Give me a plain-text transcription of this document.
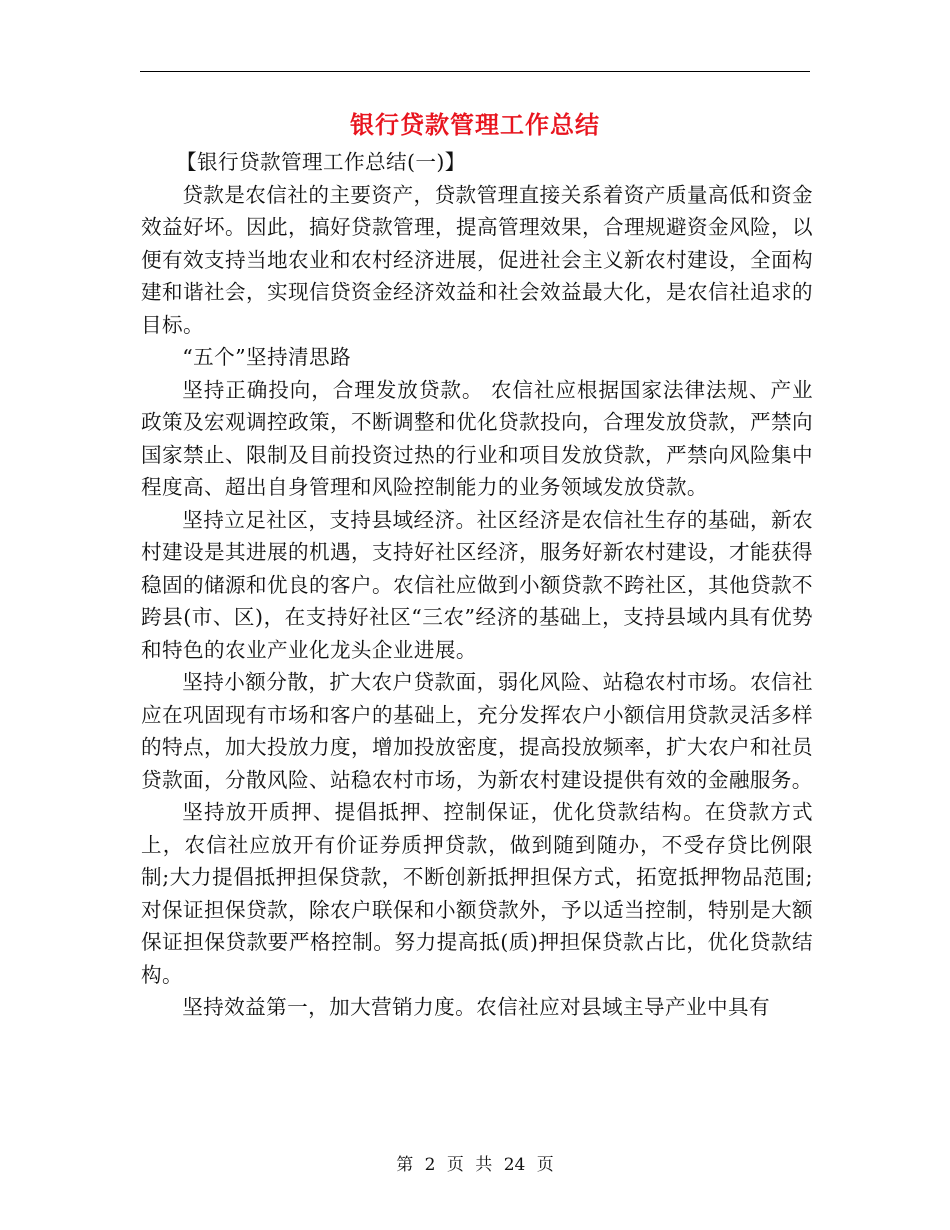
银行贷款管理工作总结

【银行贷款管理工作总结(一)】

贷款是农信社的主要资产，贷款管理直接关系着资产质量高低和资金效益好坏。因此，搞好贷款管理，提高管理效果，合理规避资金风险，以便有效支持当地农业和农村经济进展，促进社会主义新农村建设，全面构建和谐社会，实现信贷资金经济效益和社会效益最大化，是农信社追求的目标。

“五个”坚持清思路

坚持正确投向，合理发放贷款。 农信社应根据国家法律法规、产业政策及宏观调控政策，不断调整和优化贷款投向，合理发放贷款，严禁向国家禁止、限制及目前投资过热的行业和项目发放贷款，严禁向风险集中程度高、超出自身管理和风险控制能力的业务领域发放贷款。

坚持立足社区，支持县域经济。社区经济是农信社生存的基础，新农村建设是其进展的机遇，支持好社区经济，服务好新农村建设，才能获得稳固的储源和优良的客户。农信社应做到小额贷款不跨社区，其他贷款不跨县(市、区)，在支持好社区“三农”经济的基础上，支持县域内具有优势和特色的农业产业化龙头企业进展。

坚持小额分散，扩大农户贷款面，弱化风险、站稳农村市场。农信社应在巩固现有市场和客户的基础上，充分发挥农户小额信用贷款灵活多样的特点，加大投放力度，增加投放密度，提高投放频率，扩大农户和社员贷款面，分散风险、站稳农村市场，为新农村建设提供有效的金融服务。

坚持放开质押、提倡抵押、控制保证，优化贷款结构。在贷款方式上，农信社应放开有价证券质押贷款，做到随到随办，不受存贷比例限制;大力提倡抵押担保贷款，不断创新抵押担保方式，拓宽抵押物品范围;对保证担保贷款，除农户联保和小额贷款外，予以适当控制，特别是大额保证担保贷款要严格控制。努力提高抵(质)押担保贷款占比，优化贷款结构。

坚持效益第一，加大营销力度。农信社应对县域主导产业中具有

第 2 页 共 24 页
